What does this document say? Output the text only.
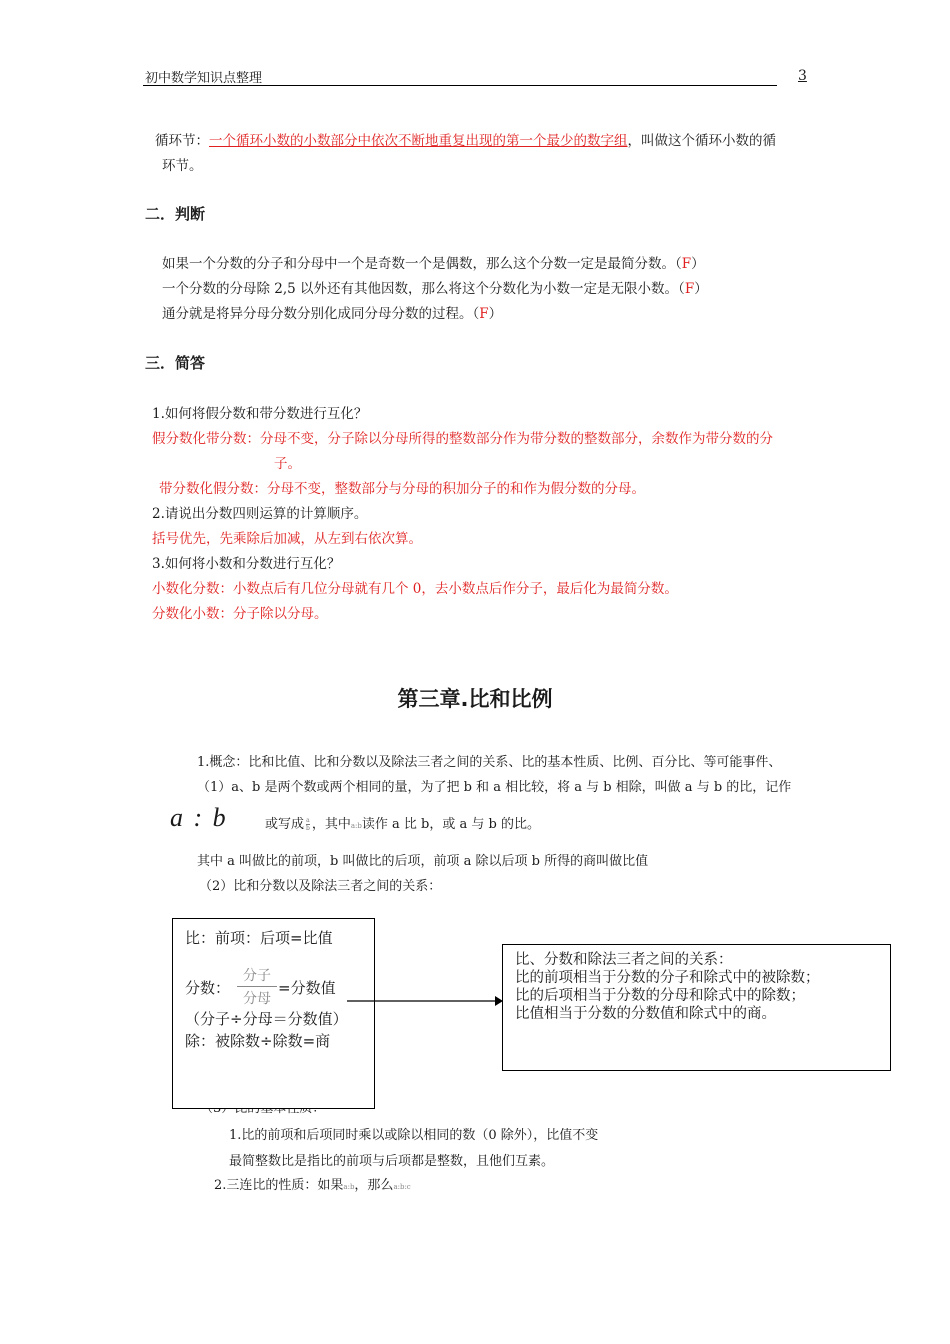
初中数学知识点整理	3
循环节：一个循环小数的小数部分中依次不断地重复出现的第一个最少的数字组，叫做这个循环小数的循
环节。
二．判断
如果一个分数的分子和分母中一个是奇数一个是偶数，那么这个分数一定是最简分数。（F）
一个分数的分母除 2,5 以外还有其他因数，那么将这个分数化为小数一定是无限小数。（F）
通分就是将异分母分数分别化成同分母分数的过程。（F）
三．简答
1.如何将假分数和带分数进行互化？
假分数化带分数：分母不变，分子除以分母所得的整数部分作为带分数的整数部分，余数作为带分数的分
子。
带分数化假分数：分母不变，整数部分与分母的积加分子的和作为假分数的分母。
2.请说出分数四则运算的计算顺序。
括号优先，先乘除后加减，从左到右依次算。
3.如何将小数和分数进行互化？
小数化分数：小数点后有几位分母就有几个 0，去小数点后作分子，最后化为最简分数。
分数化小数：分子除以分母。
第三章.比和比例
1.概念：比和比值、比和分数以及除法三者之间的关系、比的基本性质、比例、百分比、等可能事件、
（1）a、b 是两个数或两个相同的量，为了把 b 和 a 相比较，将 a 与 b 相除，叫做 a 与 b 的比，记作
a : b	或写成 $\frac{a}{b}$ ，其中a:b读作 a 比 b，或 a 与 b 的比。
其中 a 叫做比的前项，b 叫做比的后项，前项 a 除以后项 b 所得的商叫做比值
（2）比和分数以及除法三者之间的关系：
比：前项：后项=比值
分数：
分子
分母
=分数值
（分子÷分母＝分数值）
除：被除数÷除数=商
比、分数和除法三者之间的关系：
比的前项相当于分数的分子和除式中的被除数；
比的后项相当于分数的分母和除式中的除数；
比值相当于分数的分数值和除式中的商。
1.比的前项和后项同时乘以或除以相同的数（0 除外），比值不变
最简整数比是指比的前项与后项都是整数，且他们互素。
2.三连比的性质：如果a:b，那么a:b:c
